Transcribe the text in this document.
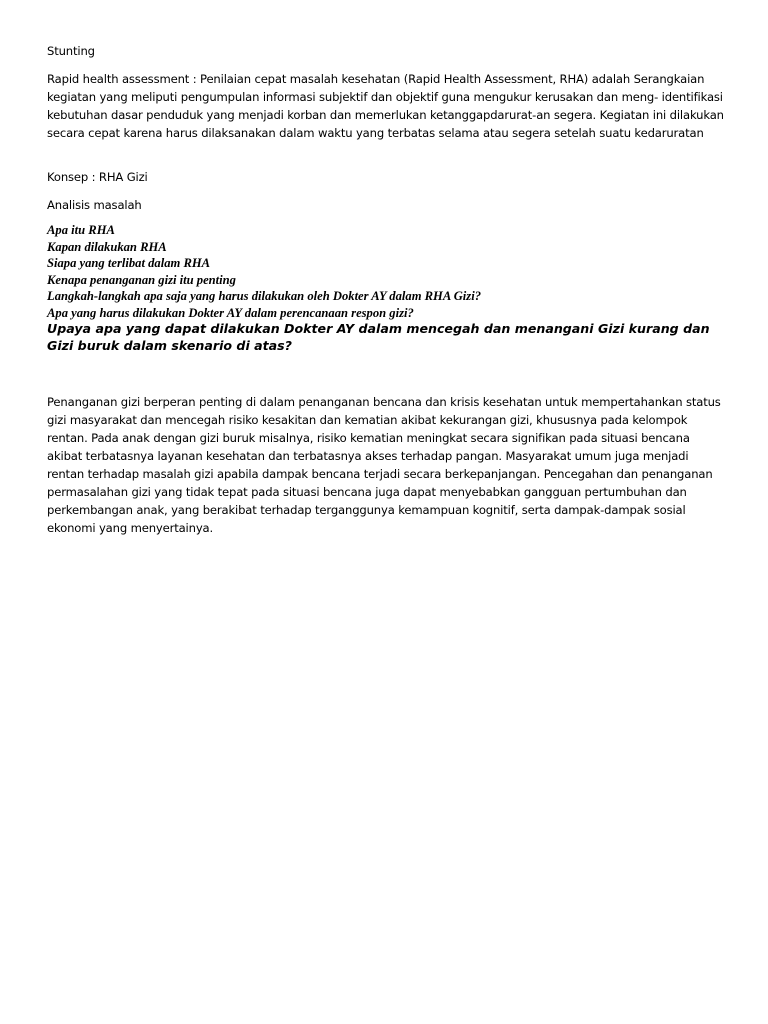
Stunting

Rapid health assessment : Penilaian cepat masalah kesehatan (Rapid Health Assessment, RHA) adalah Serangkaian kegiatan yang meliputi pengumpulan informasi subjektif dan objektif guna mengukur kerusakan dan meng- identifikasi kebutuhan dasar penduduk yang menjadi korban dan memerlukan ketanggapdarurat-an segera. Kegiatan ini dilakukan secara cepat karena harus dilaksanakan dalam waktu yang terbatas selama atau segera setelah suatu kedaruratan

Konsep : RHA Gizi
Analisis masalah
Apa itu RHA
Kapan dilakukan RHA
Siapa yang terlibat dalam RHA
Kenapa penanganan gizi itu penting
Langkah-langkah apa saja yang harus dilakukan oleh Dokter AY dalam RHA Gizi?
Apa yang harus dilakukan Dokter AY dalam perencanaan respon gizi?
Upaya apa yang dapat dilakukan Dokter AY dalam mencegah dan menangani Gizi kurang dan Gizi buruk dalam skenario di atas?

Penanganan gizi berperan penting di dalam penanganan bencana dan krisis kesehatan untuk mempertahankan status gizi masyarakat dan mencegah risiko kesakitan dan kematian akibat kekurangan gizi, khususnya pada kelompok rentan. Pada anak dengan gizi buruk misalnya, risiko kematian meningkat secara signifikan pada situasi bencana akibat terbatasnya layanan kesehatan dan terbatasnya akses terhadap pangan. Masyarakat umum juga menjadi rentan terhadap masalah gizi apabila dampak bencana terjadi secara berkepanjangan. Pencegahan dan penanganan permasalahan gizi yang tidak tepat pada situasi bencana juga dapat menyebabkan gangguan pertumbuhan dan perkembangan anak, yang berakibat terhadap terganggunya kemampuan kognitif, serta dampak-dampak sosial ekonomi yang menyertainya.
